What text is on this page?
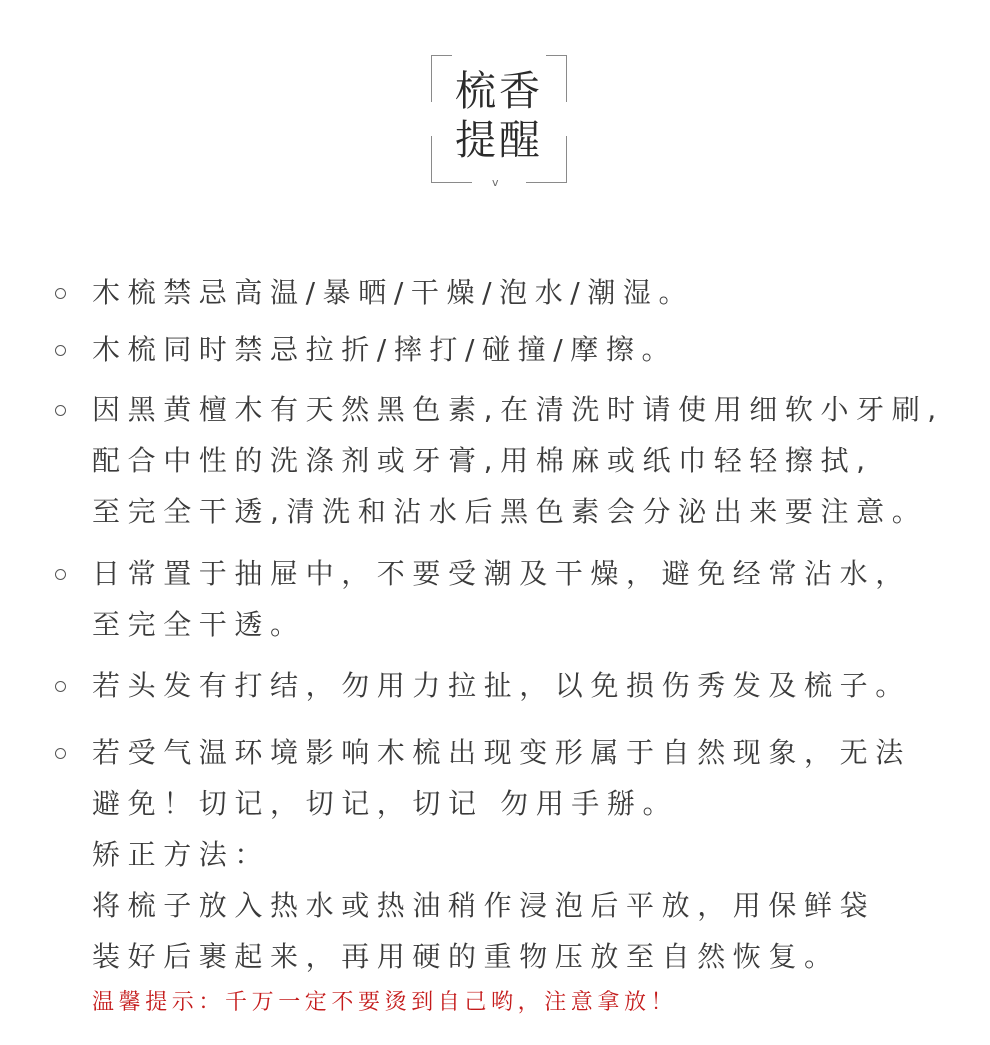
梳香
提醒
v
木梳禁忌高温/暴晒/干燥/泡水/潮湿。
木梳同时禁忌拉折/摔打/碰撞/摩擦。
因黑黄檀木有天然黑色素,在清洗时请使用细软小牙刷,
配合中性的洗涤剂或牙膏,用棉麻或纸巾轻轻擦拭,
至完全干透,清洗和沾水后黑色素会分泌出来要注意。
日常置于抽屉中，不要受潮及干燥，避免经常沾水，
至完全干透。
若头发有打结，勿用力拉扯，以免损伤秀发及梳子。
若受气温环境影响木梳出现变形属于自然现象，无法
避免！切记，切记，切记 勿用手掰。
矫正方法：
将梳子放入热水或热油稍作浸泡后平放，用保鲜袋
装好后裹起来，再用硬的重物压放至自然恢复。
温馨提示：千万一定不要烫到自己哟，注意拿放！
